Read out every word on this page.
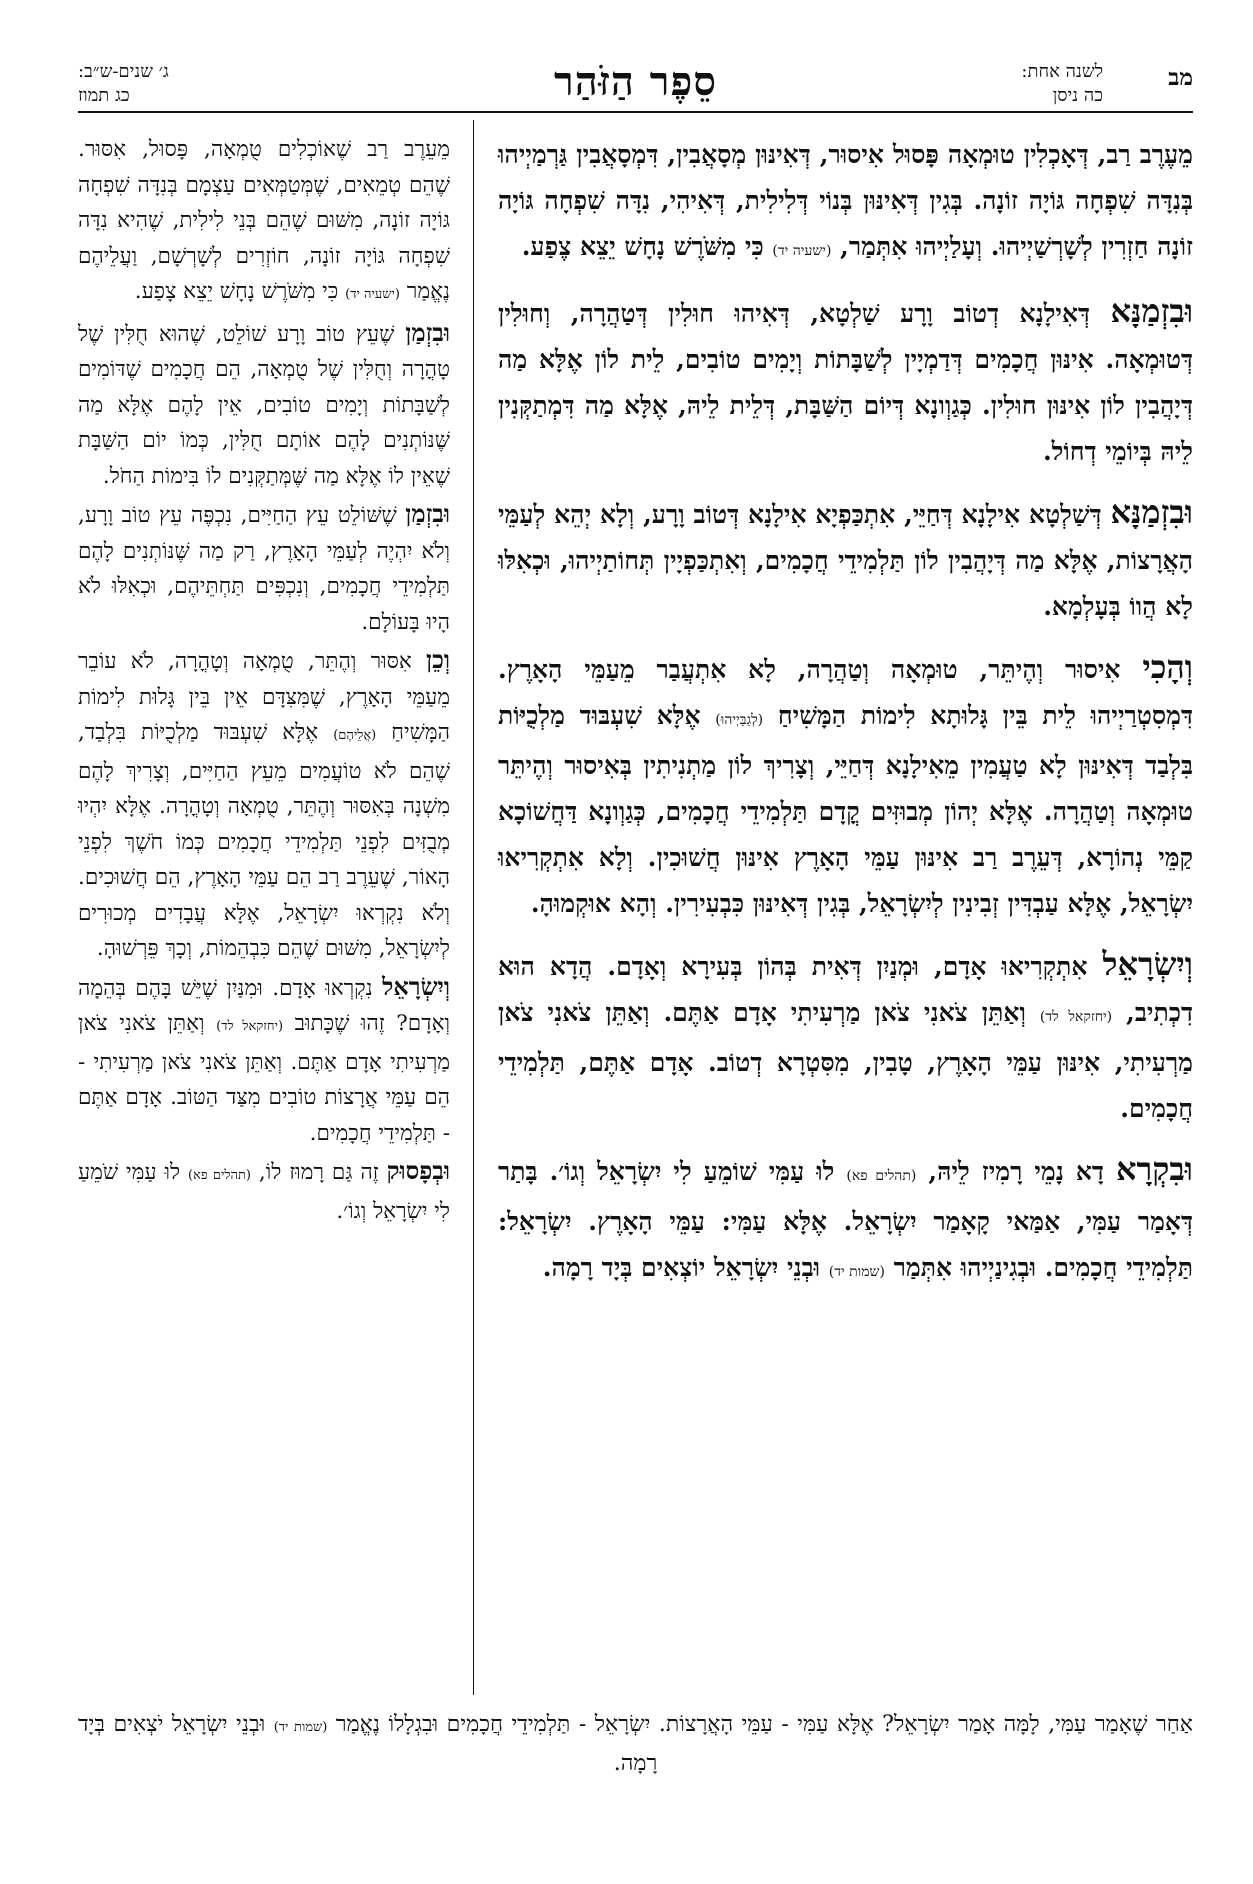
מב
לשנה אחת:
כה ניסן
סֵפֶר הַזֹּהַר
ג׳ שנים-ש״ב:
כג תמוז

מֵעֶרֶב רַב, דְּאָכְלִין טוּמְאָה פָּסוּל אִיסוּר, דְּאִינּוּן מְסָאֲבִין, דִּמְסָאֲבִין גַּרְמַיְיהוּ בְּנִדָּה שִׁפְחָה גּוֹיָה זוֹנָה. בְּגִין דְּאִינּוּן בְּנוֹי דְּלִילִית, דְּאִיהִי, נִדָּה שִׁפְחָה גּוֹיָה זוֹנָה חַזְרִין לְשָׁרְשַׁיְיהוּ. וְעָלַיְיהוּ אִתְּמַר, (ישעיה יד) כִּי מִשֹּׁרֶשׁ נָחָשׁ יֵצֵא צֶפַע.

וּבִזְמַנָּא דְּאִילָנָא דְטוֹב וָרָע שַׁלְטָא, דְּאִיהוּ חוּלִין דְּטַהֲרָה, וְחוּלִין דְּטוּמְאָה. אִינּוּן חֲכָמִים דְּדַמְיָין לְשַׁבָּתוֹת וְיָמִים טוֹבִים, לֵית לוֹן אֶלָּא מַה דְּיָהֲבִין לוֹן אִינּוּן חוּלִין. כְּגַוְונָא דְּיוֹם הַשַּׁבָּת, דְּלֵית לֵיהּ, אֶלָּא מַה דִּמְתַקְּנִין לֵיהּ בְּיוֹמֵי דְחוֹל.

וּבִזְמַנָּא דְּשַׁלְטָא אִילָנָא דְּחַיֵּי, אִתְכַּפְיָא אִילָנָא דְּטוֹב וָרָע, וְלָא יְהֵא לְעַמֵּי הָאֲרָצוֹת, אֶלָּא מַה דְּיָהֲבִין לוֹן תַּלְמִידֵי חֲכָמִים, וְאִתְכַּפְיָין תְּחוֹתַיְיהוּ, וּכְאִלּוּ לָא הֲווֹ בְּעָלְמָא.

וְהָכִי אִיסוּר וְהֶיתֵּר, טוּמְאָה וְטַהֲרָה, לָא אִתְעֲבַר מֵעַמֵּי הָאָרֶץ. דִּמְסִטְרַיְיהוּ לֵית בֵּין גָּלוּתָא לִימוֹת הַמָּשִׁיחַ (לְגַבַּיְיהוּ) אֶלָּא שִׁעְבּוּד מַלְכֻיּוֹת בִּלְבַד דְּאִינּוּן לָא טַעֲמִין מֵאִילָנָא דְּחַיֵּי, וְצָרִיךְ לוֹן מַתְנִיתִין בְּאִיסוּר וְהֶיתֵּר טוּמְאָה וְטַהֲרָה. אֶלָּא יְהוֹן מְבוּזִּים קֳדָם תַּלְמִידֵי חֲכָמִים, כְּגַוְונָא דַּחֲשׁוֹכָא קַמֵּי נְהוֹרָא, דְּעֵרֶב רַב אִינּוּן עַמֵּי הָאָרֶץ אִינּוּן חֲשׁוּכִין. וְלָא אִתְקְרִיאוּ יִשְׂרָאֵל, אֶלָּא עַבְדִּין זְבִינִין לְיִשְׂרָאֵל, בְּגִין דְּאִינּוּן כִּבְעִירִין. וְהָא אוּקְמוּהָ.

וְיִשְׂרָאֵל אִתְקְרִיאוּ אָדָם, וּמְנַיִן דְּאִית בְּהוֹן בְּעִירָא וְאָדָם. הֲדָא הוּא דִכְתִיב, (יחזקאל לד) וְאַתֵּן צֹאנִי צֹאן מַרְעִיתִי אָדָם אַתֶּם. וְאַתֵּן צֹאנִי צֹאן מַרְעִיתִי, אִינּוּן עַמֵּי הָאָרֶץ, טָבִין, מִסִּטְרָא דְטוֹב. אָדָם אַתֶּם, תַּלְמִידֵי חֲכָמִים.

וּבִקְרָא דָא נָמֵי רָמִיז לֵיהּ, (תהלים פא) לוּ עַמִּי שׁוֹמֵעַ לִי יִשְׂרָאֵל וְגוֹ׳. בָּתַר דְּאָמַר עַמִּי, אַמַּאי קָאָמַר יִשְׂרָאֵל. אֶלָּא עַמִּי: עַמֵּי הָאָרֶץ. יִשְׂרָאֵל: תַּלְמִידֵי חֲכָמִים. וּבְגִינַיְיהוּ אִתְּמַר (שמות יד) וּבְנֵי יִשְׂרָאֵל יוֹצְאִים בְּיָד רָמָה.

מֵעֵרֶב רַב שֶׁאוֹכְלִים טֻמְאָה, פָּסוּל, אִסּוּר. שֶׁהֵם טְמֵאִים, שֶׁמְּטַמְּאִים עַצְמָם בְּנִדָּה שִׁפְחָה גּוֹיָה זוֹנָה, מִשּׁוּם שֶׁהֵם בְּנֵי לִילִית, שֶׁהִיא נִדָּה שִׁפְחָה גּוֹיָה זוֹנָה, חוֹזְרִים לְשָׁרְשָׁם, וַעֲלֵיהֶם נֶאֱמַר (ישעיה יד) כִּי מִשֹּׁרֶשׁ נָחָשׁ יֵצֵא צָפַע.

וּבִזְמַן שֶׁעֵץ טוֹב וָרָע שׁוֹלֵט, שֶׁהוּא חֻלִּין שֶׁל טָהֳרָה וְחֻלִּין שֶׁל טֻמְאָה, הֵם חֲכָמִים שֶׁדּוֹמִים לְשַׁבָּתוֹת וְיָמִים טוֹבִים, אֵין לָהֶם אֶלָּא מַה שֶּׁנּוֹתְנִים לָהֶם אוֹתָם חֻלִּין, כְּמוֹ יוֹם הַשַּׁבָּת שֶׁאֵין לוֹ אֶלָּא מַה שֶּׁמְּתַקְּנִים לוֹ בִּימוֹת הַחֹל.

וּבִזְמַן שֶׁשּׁוֹלֵט עֵץ הַחַיִּים, נִכְפֶּה עֵץ טוֹב וָרָע, וְלֹא יִהְיֶה לְעַמֵּי הָאָרֶץ, רַק מַה שֶּׁנּוֹתְנִים לָהֶם תַּלְמִידֵי חֲכָמִים, וְנִכְפִּים תַּחְתֵּיהֶם, וּכְאִלּוּ לֹא הָיוּ בָּעוֹלָם.

וְכֵן אִסּוּר וְהֶתֵּר, טֻמְאָה וְטָהֳרָה, לֹא עוֹבֵר מֵעַמֵּי הָאָרֶץ, שֶׁמִּצִּדָּם אֵין בֵּין גָּלוּת לִימוֹת הַמָּשִׁיחַ (אֲלֵיהֶם) אֶלָּא שִׁעְבּוּד מַלְכֻיּוֹת בִּלְבַד, שֶׁהֵם לֹא טוֹעֲמִים מֵעֵץ הַחַיִּים, וְצָרִיךְ לָהֶם מִשְׁנָה בְּאִסּוּר וְהֶתֵּר, טֻמְאָה וְטָהֳרָה. אֶלָּא יִהְיוּ מְבֻזִּים לִפְנֵי תַּלְמִידֵי חֲכָמִים כְּמוֹ חֹשֶׁךְ לִפְנֵי הָאוֹר, שֶׁעֵרֶב רַב הֵם עַמֵּי הָאָרֶץ, הֵם חֲשׁוּכִים. וְלֹא נִקְרְאוּ יִשְׂרָאֵל, אֶלָּא עֲבָדִים מְכוּרִים לְיִשְׂרָאֵל, מִשּׁוּם שֶׁהֵם כִּבְהֵמוֹת, וְכָךְ פֵּרְשׁוּהָ.

וְיִשְׂרָאֵל נִקְרְאוּ אָדָם. וּמִנַּיִן שֶׁיֵּשׁ בָּהֶם בְּהֵמָה וְאָדָם? זֶהוּ שֶׁכָּתוּב (יחזקאל לד) וְאַתֵּן צֹאנִי צֹאן מַרְעִיתִי אָדָם אַתֶּם. וְאַתֵּן צֹאנִי צֹאן מַרְעִיתִי - הֵם עַמֵּי אֲרָצוֹת טוֹבִים מִצַּד הַטּוֹב. אָדָם אַתֶּם - תַּלְמִידֵי חֲכָמִים.

וּבְפָסוּק זֶה גַּם רָמוּז לוֹ, (תהלים פא) לוּ עַמִּי שֹׁמֵעַ לִי יִשְׂרָאֵל וְגוֹ׳.

אַחַר שֶׁאָמַר עַמִּי, לָמָּה אָמַר יִשְׂרָאֵל? אֶלָּא עַמִּי - עַמֵּי הָאֲרָצוֹת. יִשְׂרָאֵל - תַּלְמִידֵי חֲכָמִים וּבִגְלָלוֹ נֶאֱמַר (שמות יד) וּבְנֵי יִשְׂרָאֵל יֹצְאִים בְּיָד רָמָה.
